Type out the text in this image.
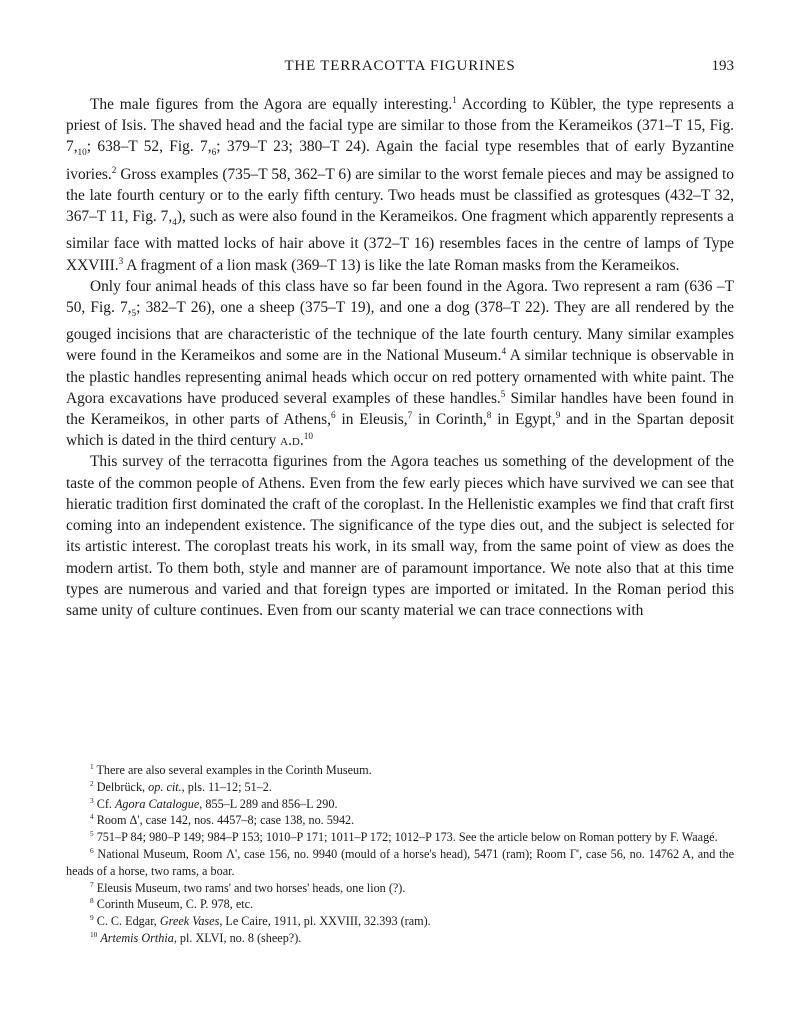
THE TERRACOTTA FIGURINES	193

The male figures from the Agora are equally interesting.$^1$ According to Kübler, the type represents a priest of Isis. The shaved head and the facial type are similar to those from the Kerameikos (371–T 15, Fig. $7,_{10}$; 638–T 52, Fig. $7,_6$; 379–T 23; 380–T 24). Again the facial type resembles that of early Byzantine ivories.$^2$ Gross examples (735–T 58, 362–T 6) are similar to the worst female pieces and may be assigned to the late fourth century or to the early fifth century. Two heads must be classified as grotesques (432–T 32, 367–T 11, Fig. $7,_4$), such as were also found in the Kerameikos. One fragment which apparently represents a similar face with matted locks of hair above it (372–T 16) resembles faces in the centre of lamps of Type XXVIII.$^3$ A fragment of a lion mask (369–T 13) is like the late Roman masks from the Kerameikos.

Only four animal heads of this class have so far been found in the Agora. Two represent a ram (636 –T 50, Fig. $7,_5$; 382–T 26), one a sheep (375–T 19), and one a dog (378–T 22). They are all rendered by the gouged incisions that are characteristic of the technique of the late fourth century. Many similar examples were found in the Kerameikos and some are in the National Museum.$^4$ A similar technique is observable in the plastic handles representing animal heads which occur on red pottery ornamented with white paint. The Agora excavations have produced several examples of these handles.$^5$ Similar handles have been found in the Kerameikos, in other parts of Athens,$^6$ in Eleusis,$^7$ in Corinth,$^8$ in Egypt,$^9$ and in the Spartan deposit which is dated in the third century a.d.$^{10}$

This survey of the terracotta figurines from the Agora teaches us something of the development of the taste of the common people of Athens. Even from the few early pieces which have survived we can see that hieratic tradition first dominated the craft of the coroplast. In the Hellenistic examples we find that craft first coming into an independent existence. The significance of the type dies out, and the subject is selected for its artistic interest. The coroplast treats his work, in its small way, from the same point of view as does the modern artist. To them both, style and manner are of paramount importance. We note also that at this time types are numerous and varied and that foreign types are imported or imitated. In the Roman period this same unity of culture continues. Even from our scanty material we can trace connections with

$^1$ There are also several examples in the Corinth Museum.

$^2$ Delbrück, op. cit., pls. 11–12; 51–2.

$^3$ Cf. Agora Catalogue, 855–L 289 and 856–L 290.

$^4$ Room Δ', case 142, nos. 4457–8; case 138, no. 5942.

$^5$ 751–P 84; 980–P 149; 984–P 153; 1010–P 171; 1011–P 172; 1012–P 173. See the article below on Roman pottery by F. Waagé.

$^6$ National Museum, Room Λ', case 156, no. 9940 (mould of a horse's head), 5471 (ram); Room Γ', case 56, no. 14762 A, and the heads of a horse, two rams, a boar.

$^7$ Eleusis Museum, two rams' and two horses' heads, one lion (?).

$^8$ Corinth Museum, C. P. 978, etc.

$^9$ C. C. Edgar, Greek Vases, Le Caire, 1911, pl. XXVIII, 32.393 (ram).

$^{10}$ Artemis Orthia, pl. XLVI, no. 8 (sheep?).
